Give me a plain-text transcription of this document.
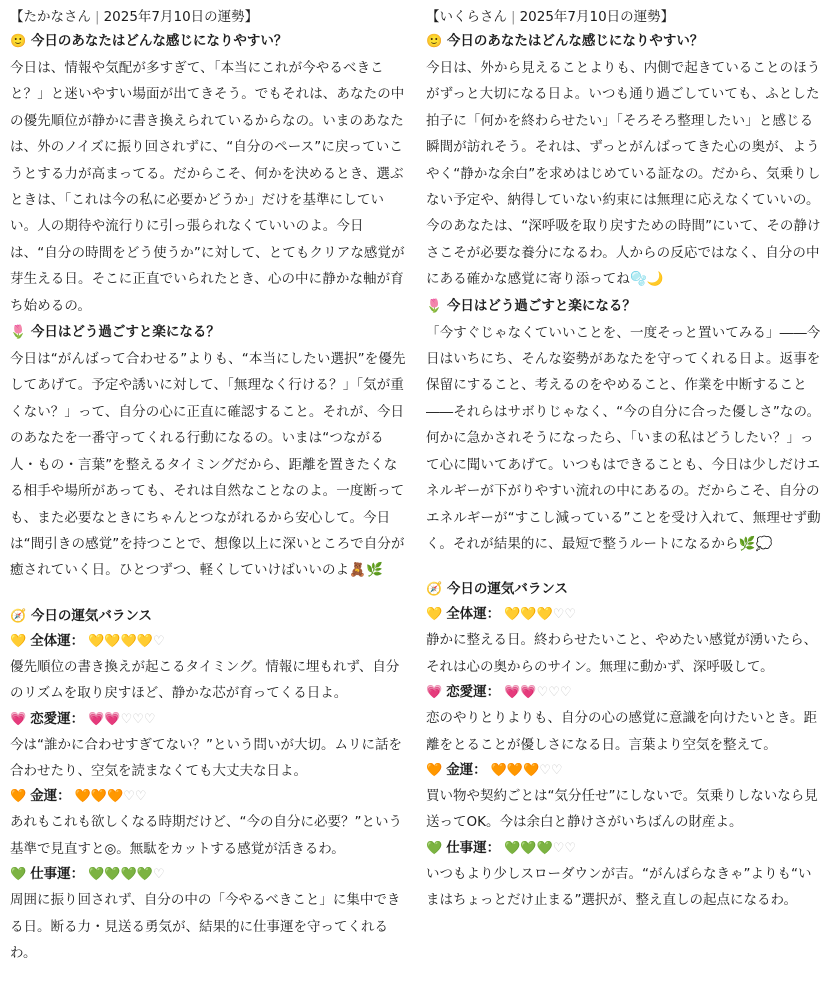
【たかなさん | 2025年7月10日の運勢】

🙂 今日のあなたはどんな感じになりやすい？

今日は、情報や気配が多すぎて、「本当にこれが今やるべきこと？」と迷いやすい場面が出てきそう。でもそれは、あなたの中の優先順位が静かに書き換えられているからなの。いまのあなたは、外のノイズに振り回されずに、“自分のペース”に戻っていこうとする力が高まってる。だからこそ、何かを決めるとき、選ぶときは、「これは今の私に必要かどうか」だけを基準にしていい。人の期待や流行りに引っ張られなくていいのよ。今日は、“自分の時間をどう使うか”に対して、とてもクリアな感覚が芽生える日。そこに正直でいられたとき、心の中に静かな軸が育ち始めるの。

🌷 今日はどう過ごすと楽になる？

今日は“がんばって合わせる”よりも、“本当にしたい選択”を優先してあげて。予定や誘いに対して、「無理なく行ける？」「気が重くない？」って、自分の心に正直に確認すること。それが、今日のあなたを一番守ってくれる行動になるの。いまは“つながる人・もの・言葉”を整えるタイミングだから、距離を置きたくなる相手や場所があっても、それは自然なことなのよ。一度断っても、また必要なときにちゃんとつながれるから安心して。今日は“間引きの感覚”を持つことで、想像以上に深いところで自分が癒されていく日。ひとつずつ、軽くしていけばいいのよ🧸🌿

🧭 今日の運気バランス

💛 全体運： 💛💛💛💛♡

優先順位の書き換えが起こるタイミング。情報に埋もれず、自分のリズムを取り戻すほど、静かな芯が育ってくる日よ。

💗 恋愛運： 💗💗♡♡♡

今は“誰かに合わせすぎてない？”という問いが大切。ムリに話を合わせたり、空気を読まなくても大丈夫な日よ。

🧡 金運： 🧡🧡🧡♡♡

あれもこれも欲しくなる時期だけど、“今の自分に必要？”という基準で見直すと◎。無駄をカットする感覚が活きるわ。

💚 仕事運： 💚💚💚💚♡

周囲に振り回されず、自分の中の「今やるべきこと」に集中できる日。断る力・見送る勇気が、結果的に仕事運を守ってくれるわ。

【いくらさん | 2025年7月10日の運勢】

🙂 今日のあなたはどんな感じになりやすい？

今日は、外から見えることよりも、内側で起きていることのほうがずっと大切になる日よ。いつも通り過ごしていても、ふとした拍子に「何かを終わらせたい」「そろそろ整理したい」と感じる瞬間が訪れそう。それは、ずっとがんばってきた心の奥が、ようやく“静かな余白”を求めはじめている証なの。だから、気乗りしない予定や、納得していない約束には無理に応えなくていいの。今のあなたは、“深呼吸を取り戻すための時間”にいて、その静けさこそが必要な養分になるわ。人からの反応ではなく、自分の中にある確かな感覚に寄り添ってね🫧🌙

🌷 今日はどう過ごすと楽になる？

「今すぐじゃなくていいことを、一度そっと置いてみる」――今日はいちにち、そんな姿勢があなたを守ってくれる日よ。返事を保留にすること、考えるのをやめること、作業を中断すること――それらはサボりじゃなく、“今の自分に合った優しさ”なの。何かに急かされそうになったら、「いまの私はどうしたい？」って心に聞いてあげて。いつもはできることも、今日は少しだけエネルギーが下がりやすい流れの中にあるの。だからこそ、自分のエネルギーが“すこし減っている”ことを受け入れて、無理せず動く。それが結果的に、最短で整うルートになるから🌿💭

🧭 今日の運気バランス

💛 全体運： 💛💛💛♡♡

静かに整える日。終わらせたいこと、やめたい感覚が湧いたら、それは心の奥からのサイン。無理に動かず、深呼吸して。

💗 恋愛運： 💗💗♡♡♡

恋のやりとりよりも、自分の心の感覚に意識を向けたいとき。距離をとることが優しさになる日。言葉より空気を整えて。

🧡 金運： 🧡🧡🧡♡♡

買い物や契約ごとは“気分任せ”にしないで。気乗りしないなら見送ってOK。今は余白と静けさがいちばんの財産よ。

💚 仕事運： 💚💚💚♡♡

いつもより少しスローダウンが吉。“がんばらなきゃ”よりも“いまはちょっとだけ止まる”選択が、整え直しの起点になるわ。
